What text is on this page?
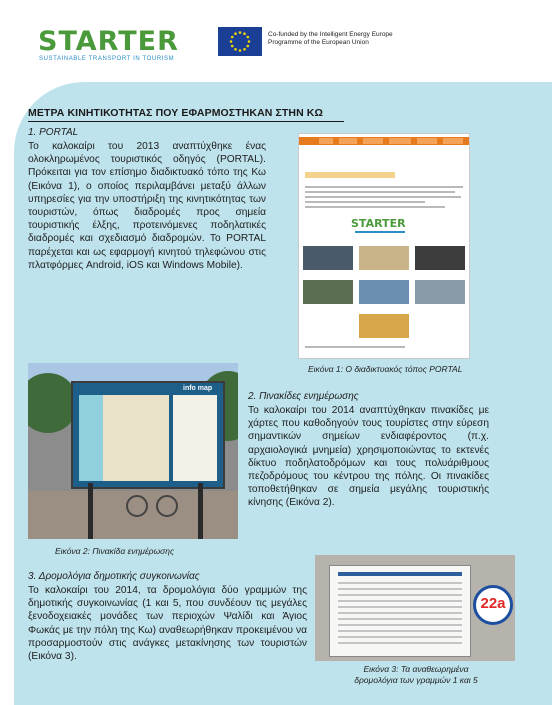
STARTER
SUSTAINABLE TRANSPORT IN TOURISM
Co-funded by the Intelligent Energy Europe
Programme of the European Union
ΜΕΤΡΑ ΚΙΝΗΤΙΚΟΤΗΤΑΣ ΠΟΥ ΕΦΑΡΜΟΣΤΗΚΑΝ ΣΤΗΝ ΚΩ
1. PORTAL
Το καλοκαίρι του 2013 αναπτύχθηκε ένας ολοκληρωμένος τουριστικός οδηγός (PORTAL). Πρόκειται για τον επίσημο διαδικτυακό τόπο της Κω (Εικόνα 1), ο οποίος περιλαμβάνει μεταξύ άλλων υπηρεσίες για την υποστήριξη της κινητικότητας των τουριστών, όπως διαδρομές προς σημεία τουριστικής έλξης, προτεινόμενες ποδηλατικές διαδρομές και σχεδιασμό διαδρομών. Το PORTAL παρέχεται και ως εφαρμογή κινητού τηλεφώνου στις πλατφόρμες Android, iOS και Windows Mobile).
STARTER
Εικόνα 1: Ο διαδικτυακός τόπος PORTAL
info map
Εικόνα 2: Πινακίδα ενημέρωσης
2. Πινακίδες ενημέρωσης
Το καλοκαίρι του 2014 αναπτύχθηκαν πινακίδες με χάρτες που καθοδηγούν τους τουρίστες στην εύρεση σημαντικών σημείων ενδιαφέροντος (π.χ. αρχαιολογικά μνημεία) χρησιμοποιώντας το εκτενές δίκτυο ποδηλατοδρόμων και τους πολυάριθμους πεζοδρόμους του κέντρου της πόλης. Οι πινακίδες τοποθετήθηκαν σε σημεία μεγάλης τουριστικής κίνησης (Εικόνα 2).
3. Δρομολόγια δημοτικής συγκοινωνίας
Το καλοκαίρι του 2014, τα δρομολόγια δύο γραμμών της δημοτικής συγκοινωνίας (1 και 5, που συνδέουν τις μεγάλες ξενοδοχειακές μονάδες των περιοχών Ψαλίδι και Άγιος Φωκάς με την πόλη της Κω) αναθεωρήθηκαν προκειμένου να προσαρμοστούν στις ανάγκες μετακίνησης των τουριστών (Εικόνα 3).
22a
Εικόνα 3: Τα αναθεωρημένα
δρομολόγια των γραμμών 1 και 5
